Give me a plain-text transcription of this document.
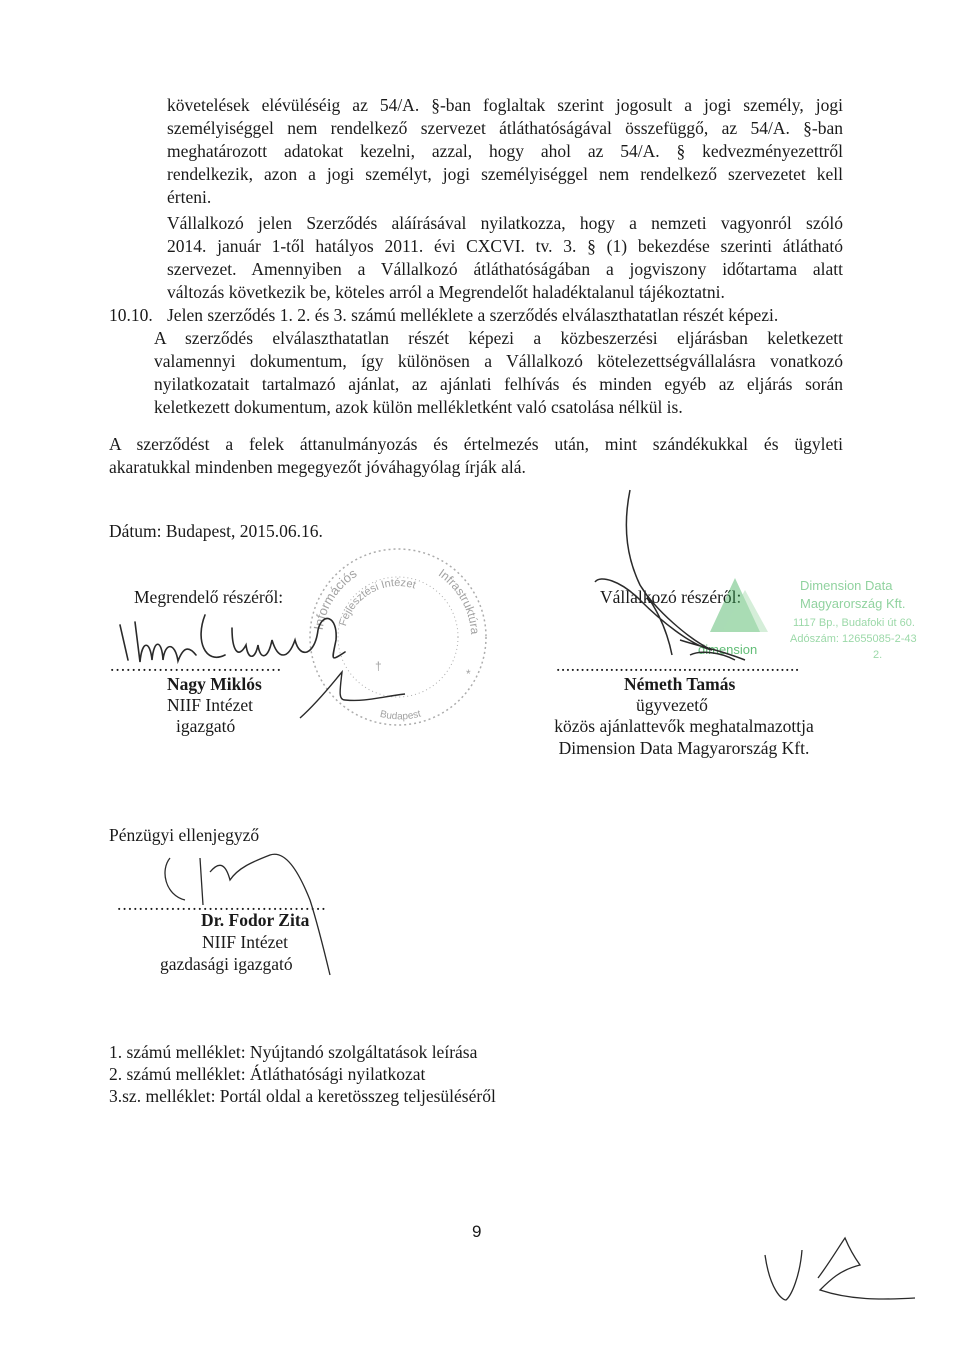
követelések elévüléséig az 54/A. §-ban foglaltak szerint jogosult a jogi személy, jogi
személyiséggel nem rendelkező szervezet átláthatóságával összefüggő, az 54/A. §-ban
meghatározott adatokat kezelni, azzal, hogy ahol az 54/A. § kedvezményezettről
rendelkezik, azon a jogi személyt, jogi személyiséggel nem rendelkező szervezetet kell
érteni.
Vállalkozó jelen Szerződés aláírásával nyilatkozza, hogy a nemzeti vagyonról szóló
2014. január 1-től hatályos 2011. évi CXCVI. tv. 3. § (1) bekezdése szerinti átlátható
szervezet. Amennyiben a Vállalkozó átláthatóságában a jogviszony időtartama alatt
változás következik be, köteles arról a Megrendelőt haladéktalanul tájékoztatni.
10.10. Jelen szerződés 1. 2. és 3. számú melléklete a szerződés elválaszthatatlan részét képezi.
A szerződés elválaszthatatlan részét képezi a közbeszerzési eljárásban keletkezett
valamennyi dokumentum, így különösen a Vállalkozó kötelezettségvállalásra vonatkozó
nyilatkozatait tartalmazó ajánlat, az ajánlati felhívás és minden egyéb az eljárás során
keletkezett dokumentum, azok külön mellékletként való csatolása nélkül is.
A szerződést a felek áttanulmányozás és értelmezés után, mint szándékukkal és ügyleti
akaratukkal mindenben megegyezőt jóváhagyólag írják alá.
Dátum: Budapest, 2015.06.16.
Megrendelő részéről:
................................
Nagy Miklós
NIIF Intézet
igazgató
Vállalkozó részéről:
..................................................
Németh Tamás
ügyvezető
közös ajánlattevők meghatalmazottja
Dimension Data Magyarország Kft.
Pénzügyi ellenjegyző
.......................................
Dr. Fodor Zita
NIIF Intézet
gazdasági igazgató
1. számú melléklet: Nyújtandó szolgáltatások leírása
2. számú melléklet: Átláthatósági nyilatkozat
3.sz. melléklet: Portál oldal a keretösszeg teljesüléséről
9
Információs
Fejlesztési Intézet
Infrastruktúra
Budapest
†
*
dimension
Dimension Data
Magyarország Kft.
1117 Bp., Budafoki út 60.
Adószám: 12655085-2-43
2.
